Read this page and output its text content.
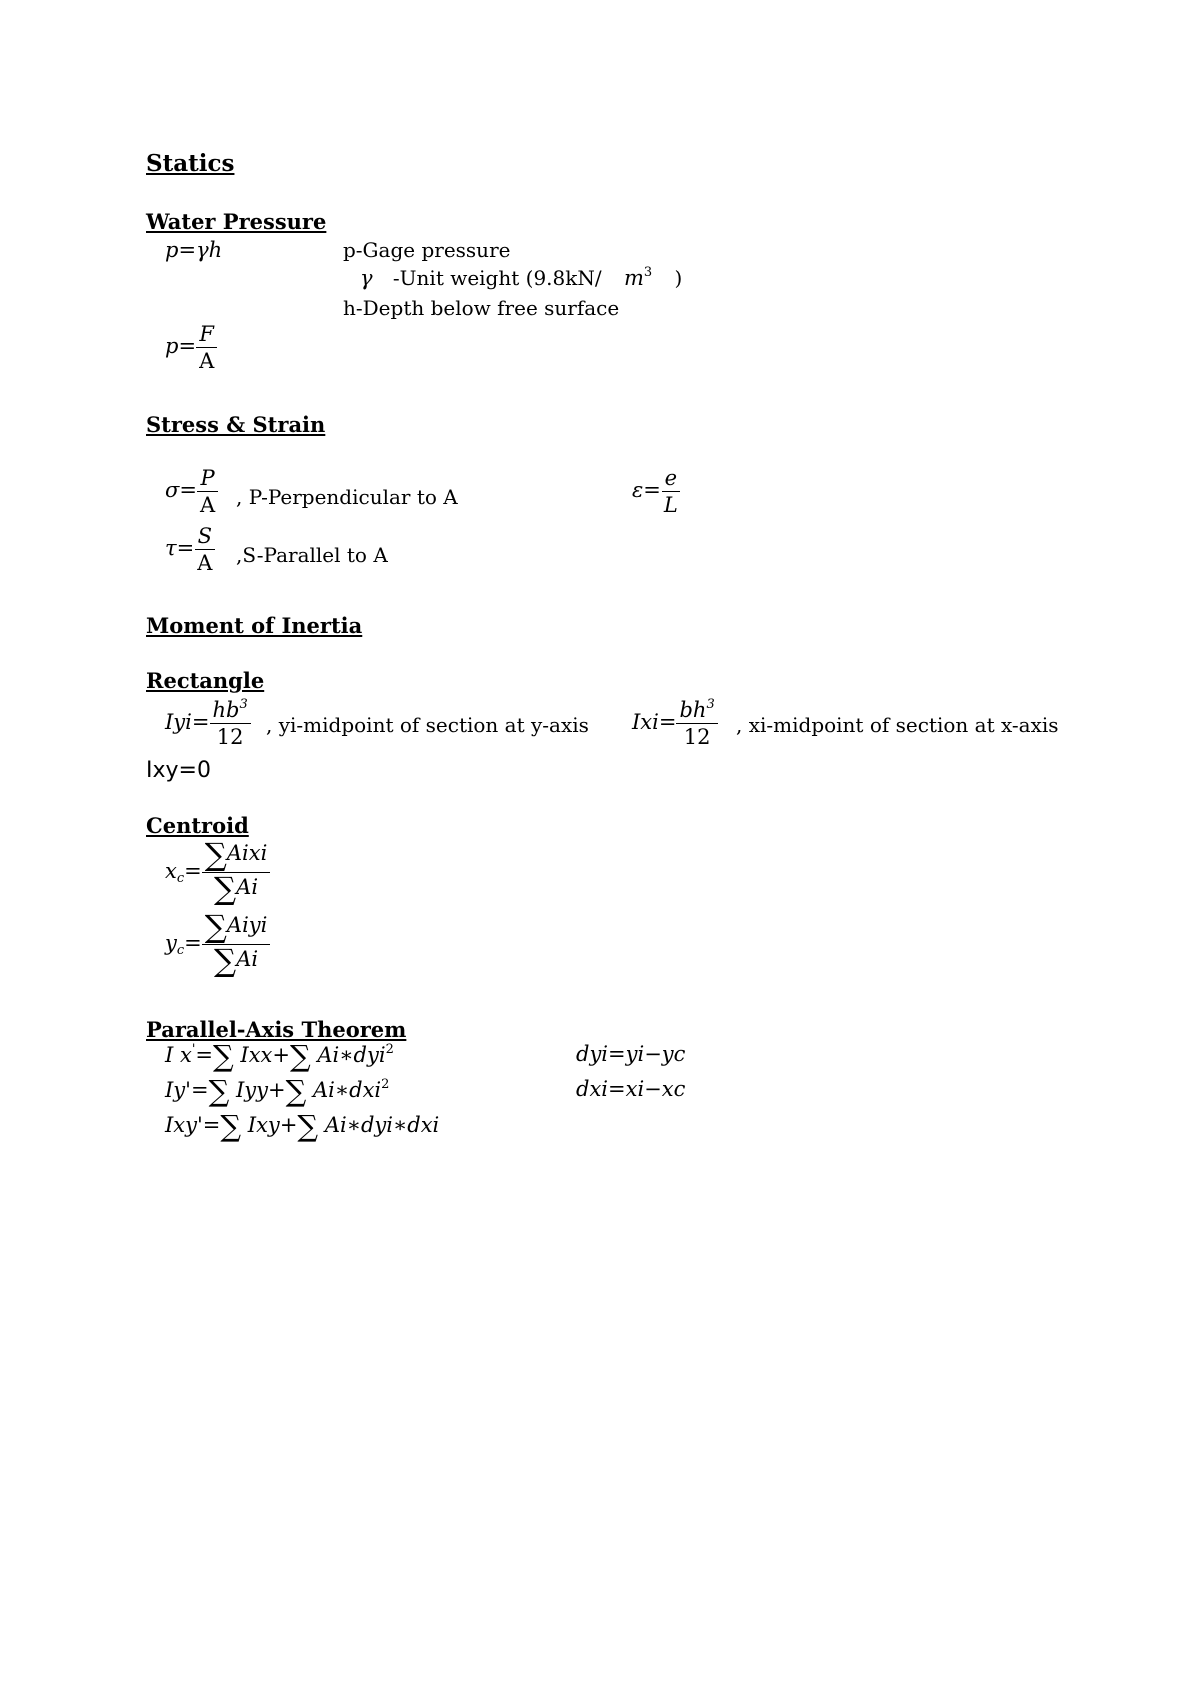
Statics
Water Pressure
p=γh	p-Gage pressure
γ -Unit weight (9.8kN/ $m^3$ )
h-Depth below free surface
$p= \frac{F}{A}$
Stress & Strain
$\sigma= \frac{P}{A}$ , P-Perpendicular to A	$\varepsilon= \frac{e}{L}$
$\tau= \frac{S}{A}$ ,S-Parallel to A
Moment of Inertia
Rectangle
$Iyi= \frac{hb^3}{12}$ , yi-midpoint of section at y-axis $Ixi= \frac{bh^3}{12}$ , xi-midpoint of section at x-axis
Ixy=0
Centroid
$x_c= \frac{\text{∑Aixi}}{\sum Ai}$
$y_c= \frac{\text{∑Aiyi}}{\sum Ai}$
Parallel-Axis Theorem
I x'=∑ Ixx+∑ Ai∗dyi$^2$
Iy'=∑ Iyy+∑ Ai∗dxi$^2$
Ixy'=∑ Ixy+∑ Ai∗dyi∗dxi
dyi=yi−yc
dxi=xi−xc
